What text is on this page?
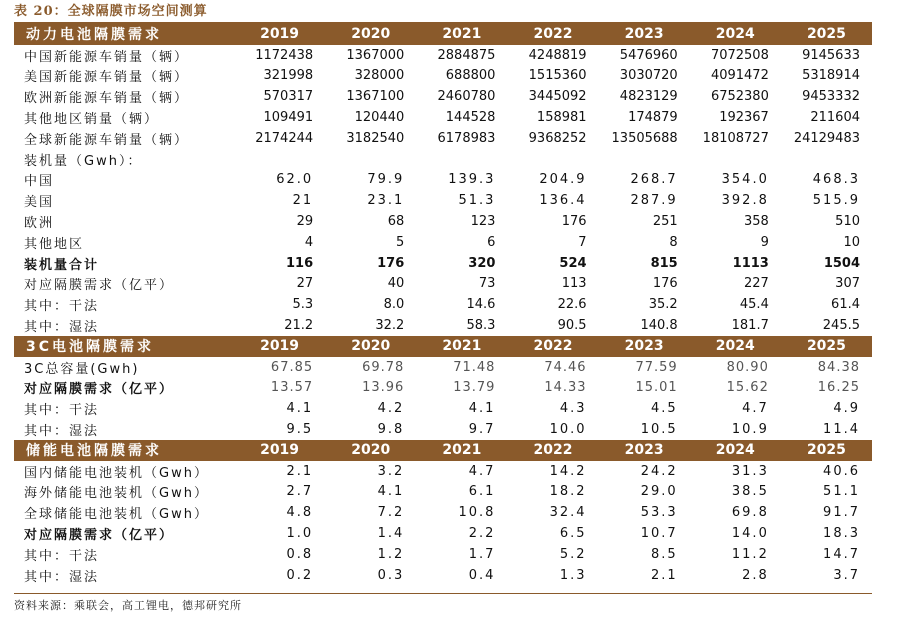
表 20：全球隔膜市场空间测算
动力电池隔膜需求	2019	2020	2021	2022	2023	2024	2025
中国新能源车销量（辆）	1172438	1367000	2884875	4248819	5476960	7072508	9145633
美国新能源车销量（辆）	321998	328000	688800	1515360	3030720	4091472	5318914
欧洲新能源车销量（辆）	570317	1367100	2460780	3445092	4823129	6752380	9453332
其他地区销量（辆）	109491	120440	144528	158981	174879	192367	211604
全球新能源车销量（辆）	2174244	3182540	6178983	9368252	13505688	18108727	24129483
装机量（Gwh）：							
中国	62.0	79.9	139.3	204.9	268.7	354.0	468.3
美国	21	23.1	51.3	136.4	287.9	392.8	515.9
欧洲	29	68	123	176	251	358	510
其他地区	4	5	6	7	8	9	10
装机量合计	116	176	320	524	815	1113	1504
对应隔膜需求（亿平）	27	40	73	113	176	227	307
其中：干法	5.3	8.0	14.6	22.6	35.2	45.4	61.4
其中：湿法	21.2	32.2	58.3	90.5	140.8	181.7	245.5
3C电池隔膜需求	2019	2020	2021	2022	2023	2024	2025
3C总容量(Gwh)	67.85	69.78	71.48	74.46	77.59	80.90	84.38
对应隔膜需求（亿平）	13.57	13.96	13.79	14.33	15.01	15.62	16.25
其中：干法	4.1	4.2	4.1	4.3	4.5	4.7	4.9
其中：湿法	9.5	9.8	9.7	10.0	10.5	10.9	11.4
储能电池隔膜需求	2019	2020	2021	2022	2023	2024	2025
国内储能电池装机（Gwh）	2.1	3.2	4.7	14.2	24.2	31.3	40.6
海外储能电池装机（Gwh）	2.7	4.1	6.1	18.2	29.0	38.5	51.1
全球储能电池装机（Gwh）	4.8	7.2	10.8	32.4	53.3	69.8	91.7
对应隔膜需求（亿平）	1.0	1.4	2.2	6.5	10.7	14.0	18.3
其中：干法	0.8	1.2	1.7	5.2	8.5	11.2	14.7
其中：湿法	0.2	0.3	0.4	1.3	2.1	2.8	3.7
资料来源：乘联会，高工锂电，德邦研究所
